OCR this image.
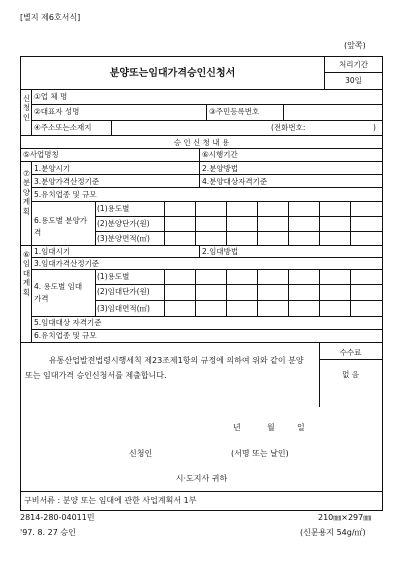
[별지 제6호서식]
(앞쪽)
분양또는임대가격승인신청서
처리기간
30일
신청인
①업 체 명
②대표자 성명	③주민등록번호
④주소또는소재지	(전화번호:	)
승 인 신 청 내 용
⑤사업명칭	⑥시행기간
⑦분양계획
1.분양시기	2.분양방법
3.분양가격산정기준	4.분양대상자격기준
5.유치업종 및 규모
6.용도별 분양가격
(1)용도별
(2)분양단가(원)
(3)분양면적(㎡)
⑥임대계획
1.임대시기	2.임대방법
3.임대가격산정기준
4. 용도별 임대가격
(1)용도별
(2)임대단가(원)
(3)임대면적(㎡)
5.임대대상 자격기준
6.유치업종 및 규모
유통산업발전법령시행세칙 제23조제1항의 규정에 의하여 위와 같이 분양 또는 임대가격 승인신청서를 제출합니다.
수수료
없 음
년	월	일
신청인	(서명 또는 날인)
시·도지사 귀하
구비서류 : 분양 또는 임대에 관한 사업계획서 1부
2814-280-04011민	210㎜×297㎜
'97. 8. 27 승인	(신문용지 54g/㎡)
